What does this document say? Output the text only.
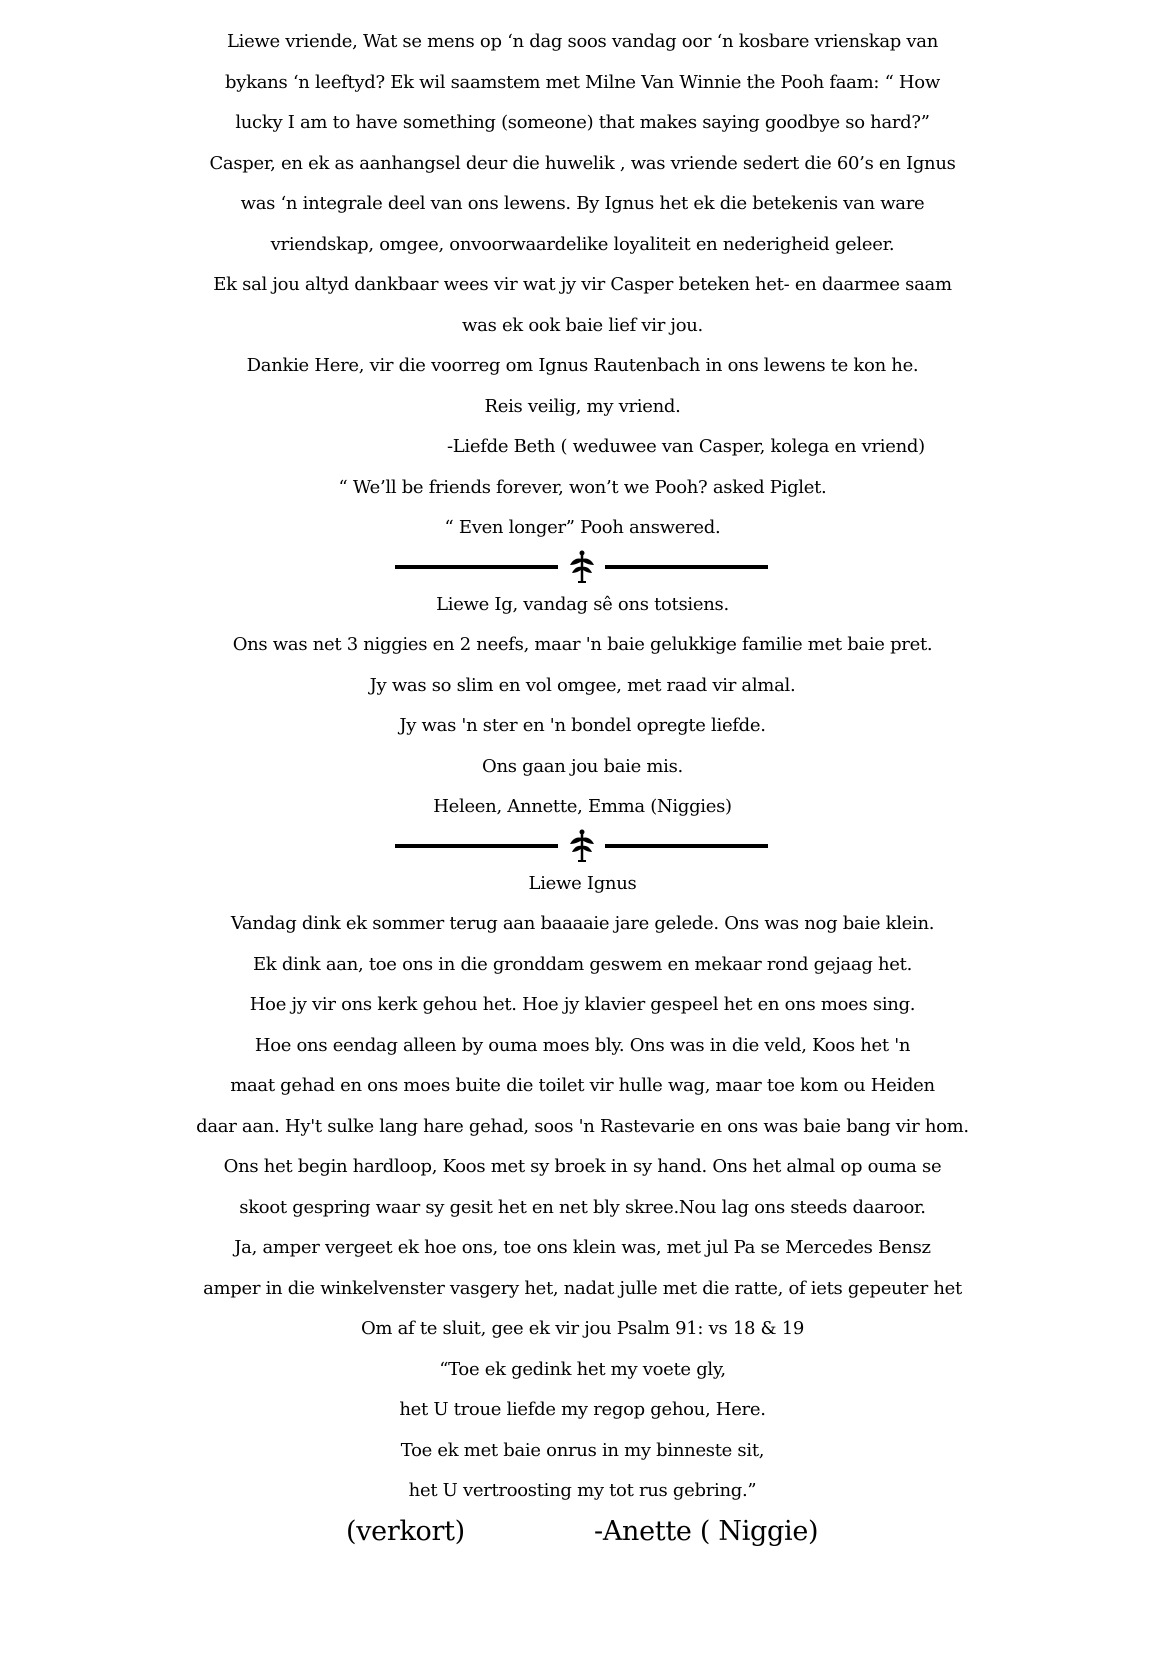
Liewe vriende, Wat se mens op ‘n dag soos vandag oor ‘n kosbare vrienskap van
bykans ‘n leeftyd? Ek wil saamstem met Milne Van Winnie the Pooh faam: “ How
lucky I am to have something (someone) that makes saying goodbye so hard?”
Casper, en ek as aanhangsel deur die huwelik , was vriende sedert die 60’s en Ignus
was ‘n integrale deel van ons lewens. By Ignus het ek die betekenis van ware
vriendskap, omgee, onvoorwaardelike loyaliteit en nederigheid geleer.
Ek sal jou altyd dankbaar wees vir wat jy vir Casper beteken het- en daarmee saam
was ek ook baie lief vir jou.
Dankie Here, vir die voorreg om Ignus Rautenbach in ons lewens te kon he.
Reis veilig, my vriend.
-Liefde Beth ( weduwee van Casper, kolega en vriend)
“ We’ll be friends forever, won’t we Pooh? asked Piglet.
“ Even longer” Pooh answered.
Liewe Ig, vandag sê ons totsiens.
Ons was net 3 niggies en 2 neefs, maar 'n baie gelukkige familie met baie pret.
Jy was so slim en vol omgee, met raad vir almal.
Jy was 'n ster en 'n bondel opregte liefde.
Ons gaan jou baie mis.
Heleen, Annette, Emma (Niggies)
Liewe Ignus
Vandag dink ek sommer terug aan baaaaie jare gelede. Ons was nog baie klein.
Ek dink aan, toe ons in die gronddam geswem en mekaar rond gejaag het.
Hoe jy vir ons kerk gehou het. Hoe jy klavier gespeel het en ons moes sing.
Hoe ons eendag alleen by ouma moes bly. Ons was in die veld, Koos het 'n
maat gehad en ons moes buite die toilet vir hulle wag, maar toe kom ou Heiden
daar aan. Hy't sulke lang hare gehad, soos 'n Rastevarie en ons was baie bang vir hom.
Ons het begin hardloop, Koos met sy broek in sy hand. Ons het almal op ouma se
skoot gespring waar sy gesit het en net bly skree.Nou lag ons steeds daaroor.
Ja, amper vergeet ek hoe ons, toe ons klein was, met jul Pa se Mercedes Bensz
amper in die winkelvenster vasgery het, nadat julle met die ratte, of iets gepeuter het
Om af te sluit, gee ek vir jou Psalm 91: vs 18 & 19
“Toe ek gedink het my voete gly,
het U troue liefde my regop gehou, Here.
Toe ek met baie onrus in my binneste sit,
het U vertroosting my tot rus gebring.”
(verkort)	-Anette ( Niggie)
